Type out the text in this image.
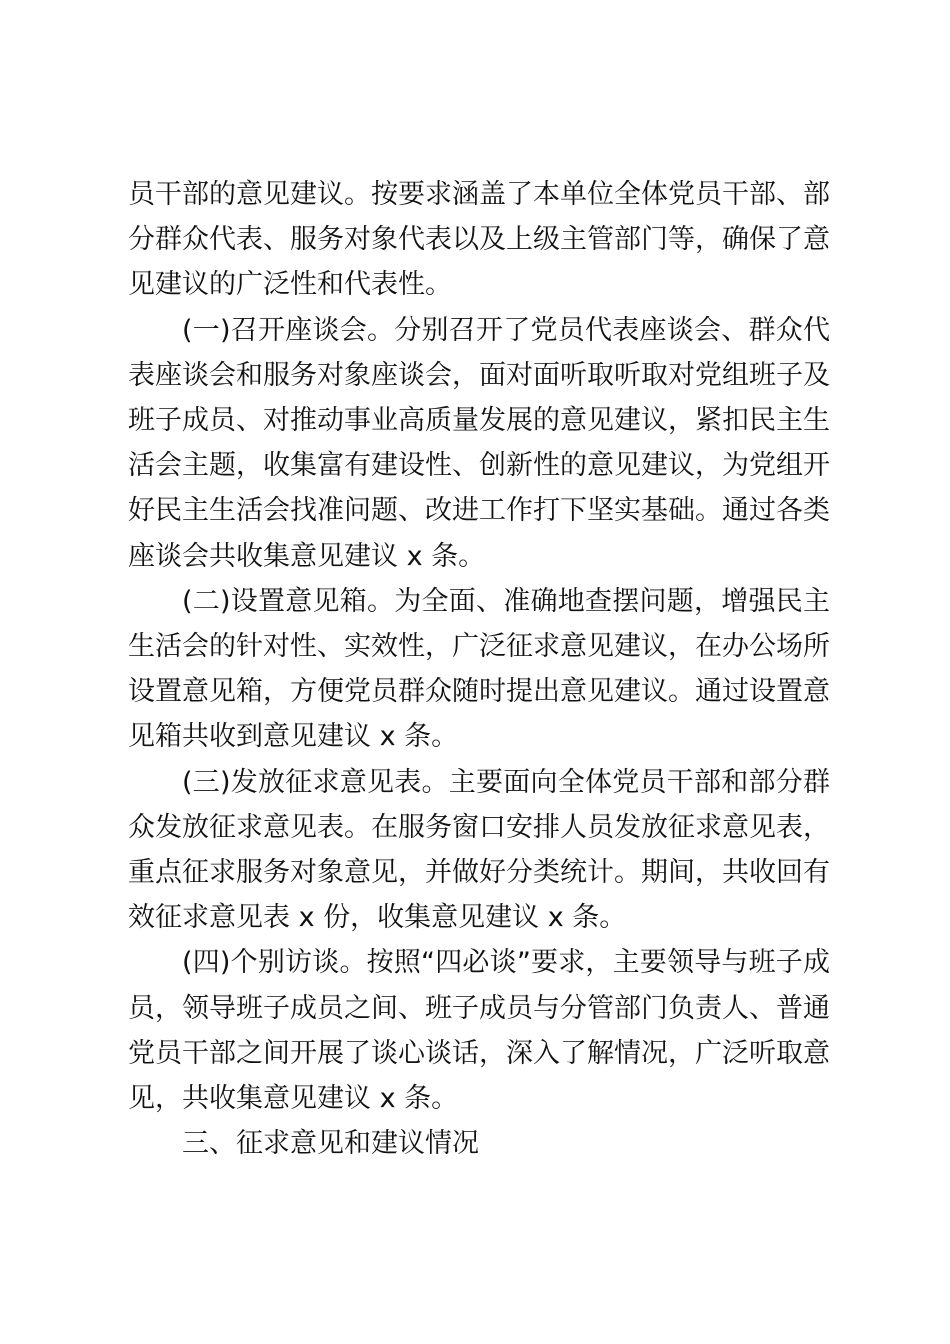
员干部的意见建议。按要求涵盖了本单位全体党员干部、部分群众代表、服务对象代表以及上级主管部门等，确保了意见建议的广泛性和代表性。

(一)召开座谈会。分别召开了党员代表座谈会、群众代表座谈会和服务对象座谈会，面对面听取听取对党组班子及班子成员、对推动事业高质量发展的意见建议，紧扣民主生活会主题，收集富有建设性、创新性的意见建议，为党组开好民主生活会找准问题、改进工作打下坚实基础。通过各类座谈会共收集意见建议 x 条。

(二)设置意见箱。为全面、准确地查摆问题，增强民主生活会的针对性、实效性，广泛征求意见建议，在办公场所设置意见箱，方便党员群众随时提出意见建议。通过设置意见箱共收到意见建议 x 条。

(三)发放征求意见表。主要面向全体党员干部和部分群众发放征求意见表。在服务窗口安排人员发放征求意见表，重点征求服务对象意见，并做好分类统计。期间，共收回有效征求意见表 x 份，收集意见建议 x 条。

(四)个别访谈。按照“四必谈”要求，主要领导与班子成员，领导班子成员之间、班子成员与分管部门负责人、普通党员干部之间开展了谈心谈话，深入了解情况，广泛听取意见，共收集意见建议 x 条。

三、征求意见和建议情况
